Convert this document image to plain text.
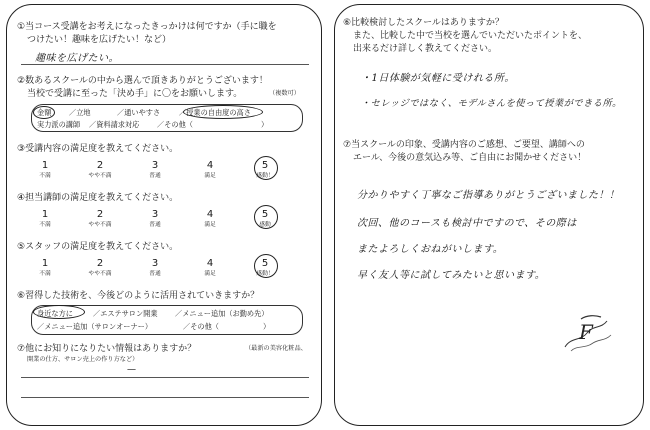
①当コース受講をお考えになったきっかけは何ですか（手に職を
つけたい！趣味を広げたい！など）
趣味を広げたい。
②数あるスクールの中から選んで頂きありがとうございます！
当校で受講に至った「決め手」に〇をお願いします。	（複数可）
金額 ／立地	／通いやすさ	／授業の自由度の高さ
実力派の講師 ／資料請求対応 ／その他（	）
③受講内容の満足度を教えてください。
1
不満
2
やや不満
3
普通
4
満足
5
感動！
④担当講師の満足度を教えてください。
1
不満
2
やや不満
3
普通
4
満足
5
感動
⑤スタッフの満足度を教えてください。
1
不満
2
やや不満
3
普通
4
満足
5
感動！
⑥習得した技術を、今後どのように活用されていきますか？
身近な方に	／エステサロン開業 ／メニュー追加（お勤め先）
／メニュー追加（サロンオーナー）	／その他（	）
⑦他にお知りになりたい情報はありますか？	（最新の美容化粧品、
開業の仕方、サロン売上の作り方など）
—
⑥比較検討したスクールはありますか？
また、比較した中で当校を選んでいただいたポイントを、
出来るだけ詳しく教えてください。
・1日体験が気軽に受けれる所。
・セレッジではなく、モデルさんを使って授業ができる所。
⑦当スクールの印象、受講内容のご感想、ご要望、講師への
エール、今後の意気込み等、ご自由にお聞かせください！
分かりやすく丁寧なご指導ありがとうございました！！
次回、他のコースも検討中ですので、その際は
またよろしくおねがいします。
早く友人等に試してみたいと思います。
F
